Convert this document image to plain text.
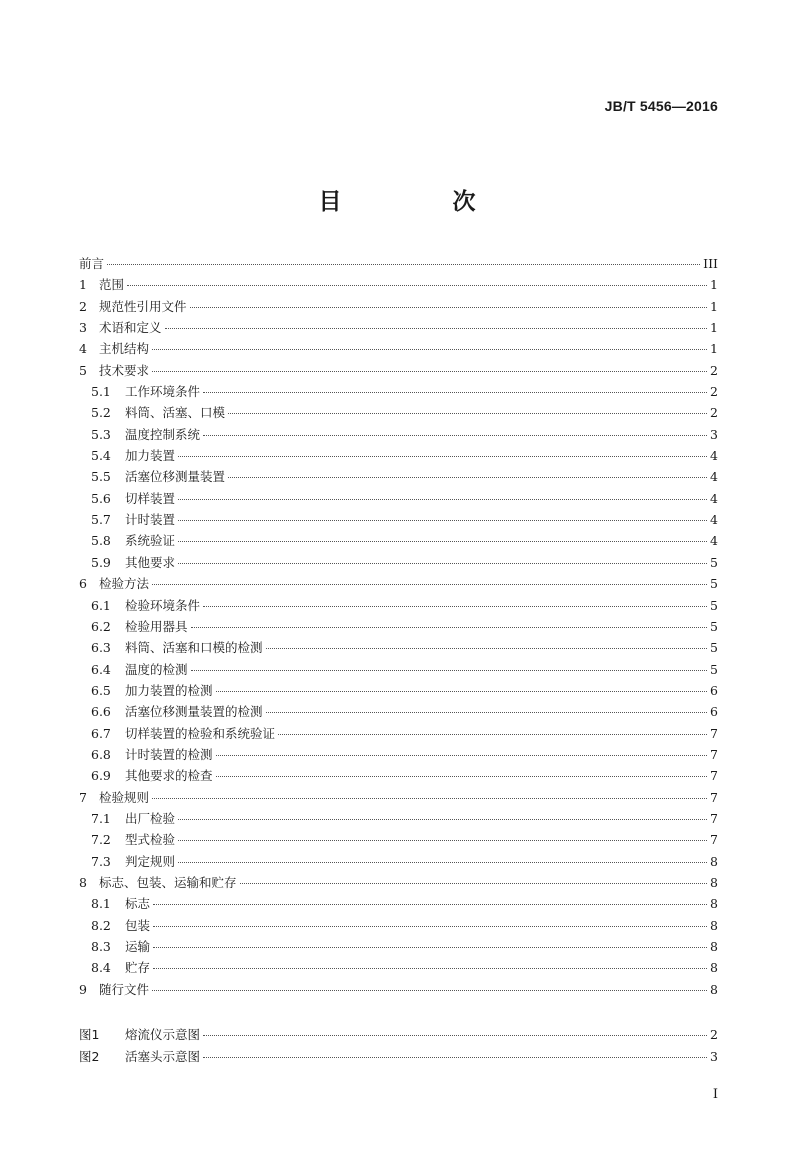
JB/T 5456—2016
目　次
前言	III
1 范围	1
2 规范性引用文件	1
3 术语和定义	1
4 主机结构	1
5 技术要求	2
5.1	工作环境条件	2
5.2	料筒、活塞、口模	2
5.3	温度控制系统	3
5.4	加力装置	4
5.5	活塞位移测量装置	4
5.6	切样装置	4
5.7	计时装置	4
5.8	系统验证	4
5.9	其他要求	5
6 检验方法	5
6.1	检验环境条件	5
6.2	检验用器具	5
6.3	料筒、活塞和口模的检测	5
6.4	温度的检测	5
6.5	加力装置的检测	6
6.6	活塞位移测量装置的检测	6
6.7	切样装置的检验和系统验证	7
6.8	计时装置的检测	7
6.9	其他要求的检查	7
7 检验规则	7
7.1	出厂检验	7
7.2	型式检验	7
7.3	判定规则	8
8 标志、包装、运输和贮存	8
8.1	标志	8
8.2	包装	8
8.3	运输	8
8.4	贮存	8
9 随行文件	8
图1	熔流仪示意图	2
图2	活塞头示意图	3
I
